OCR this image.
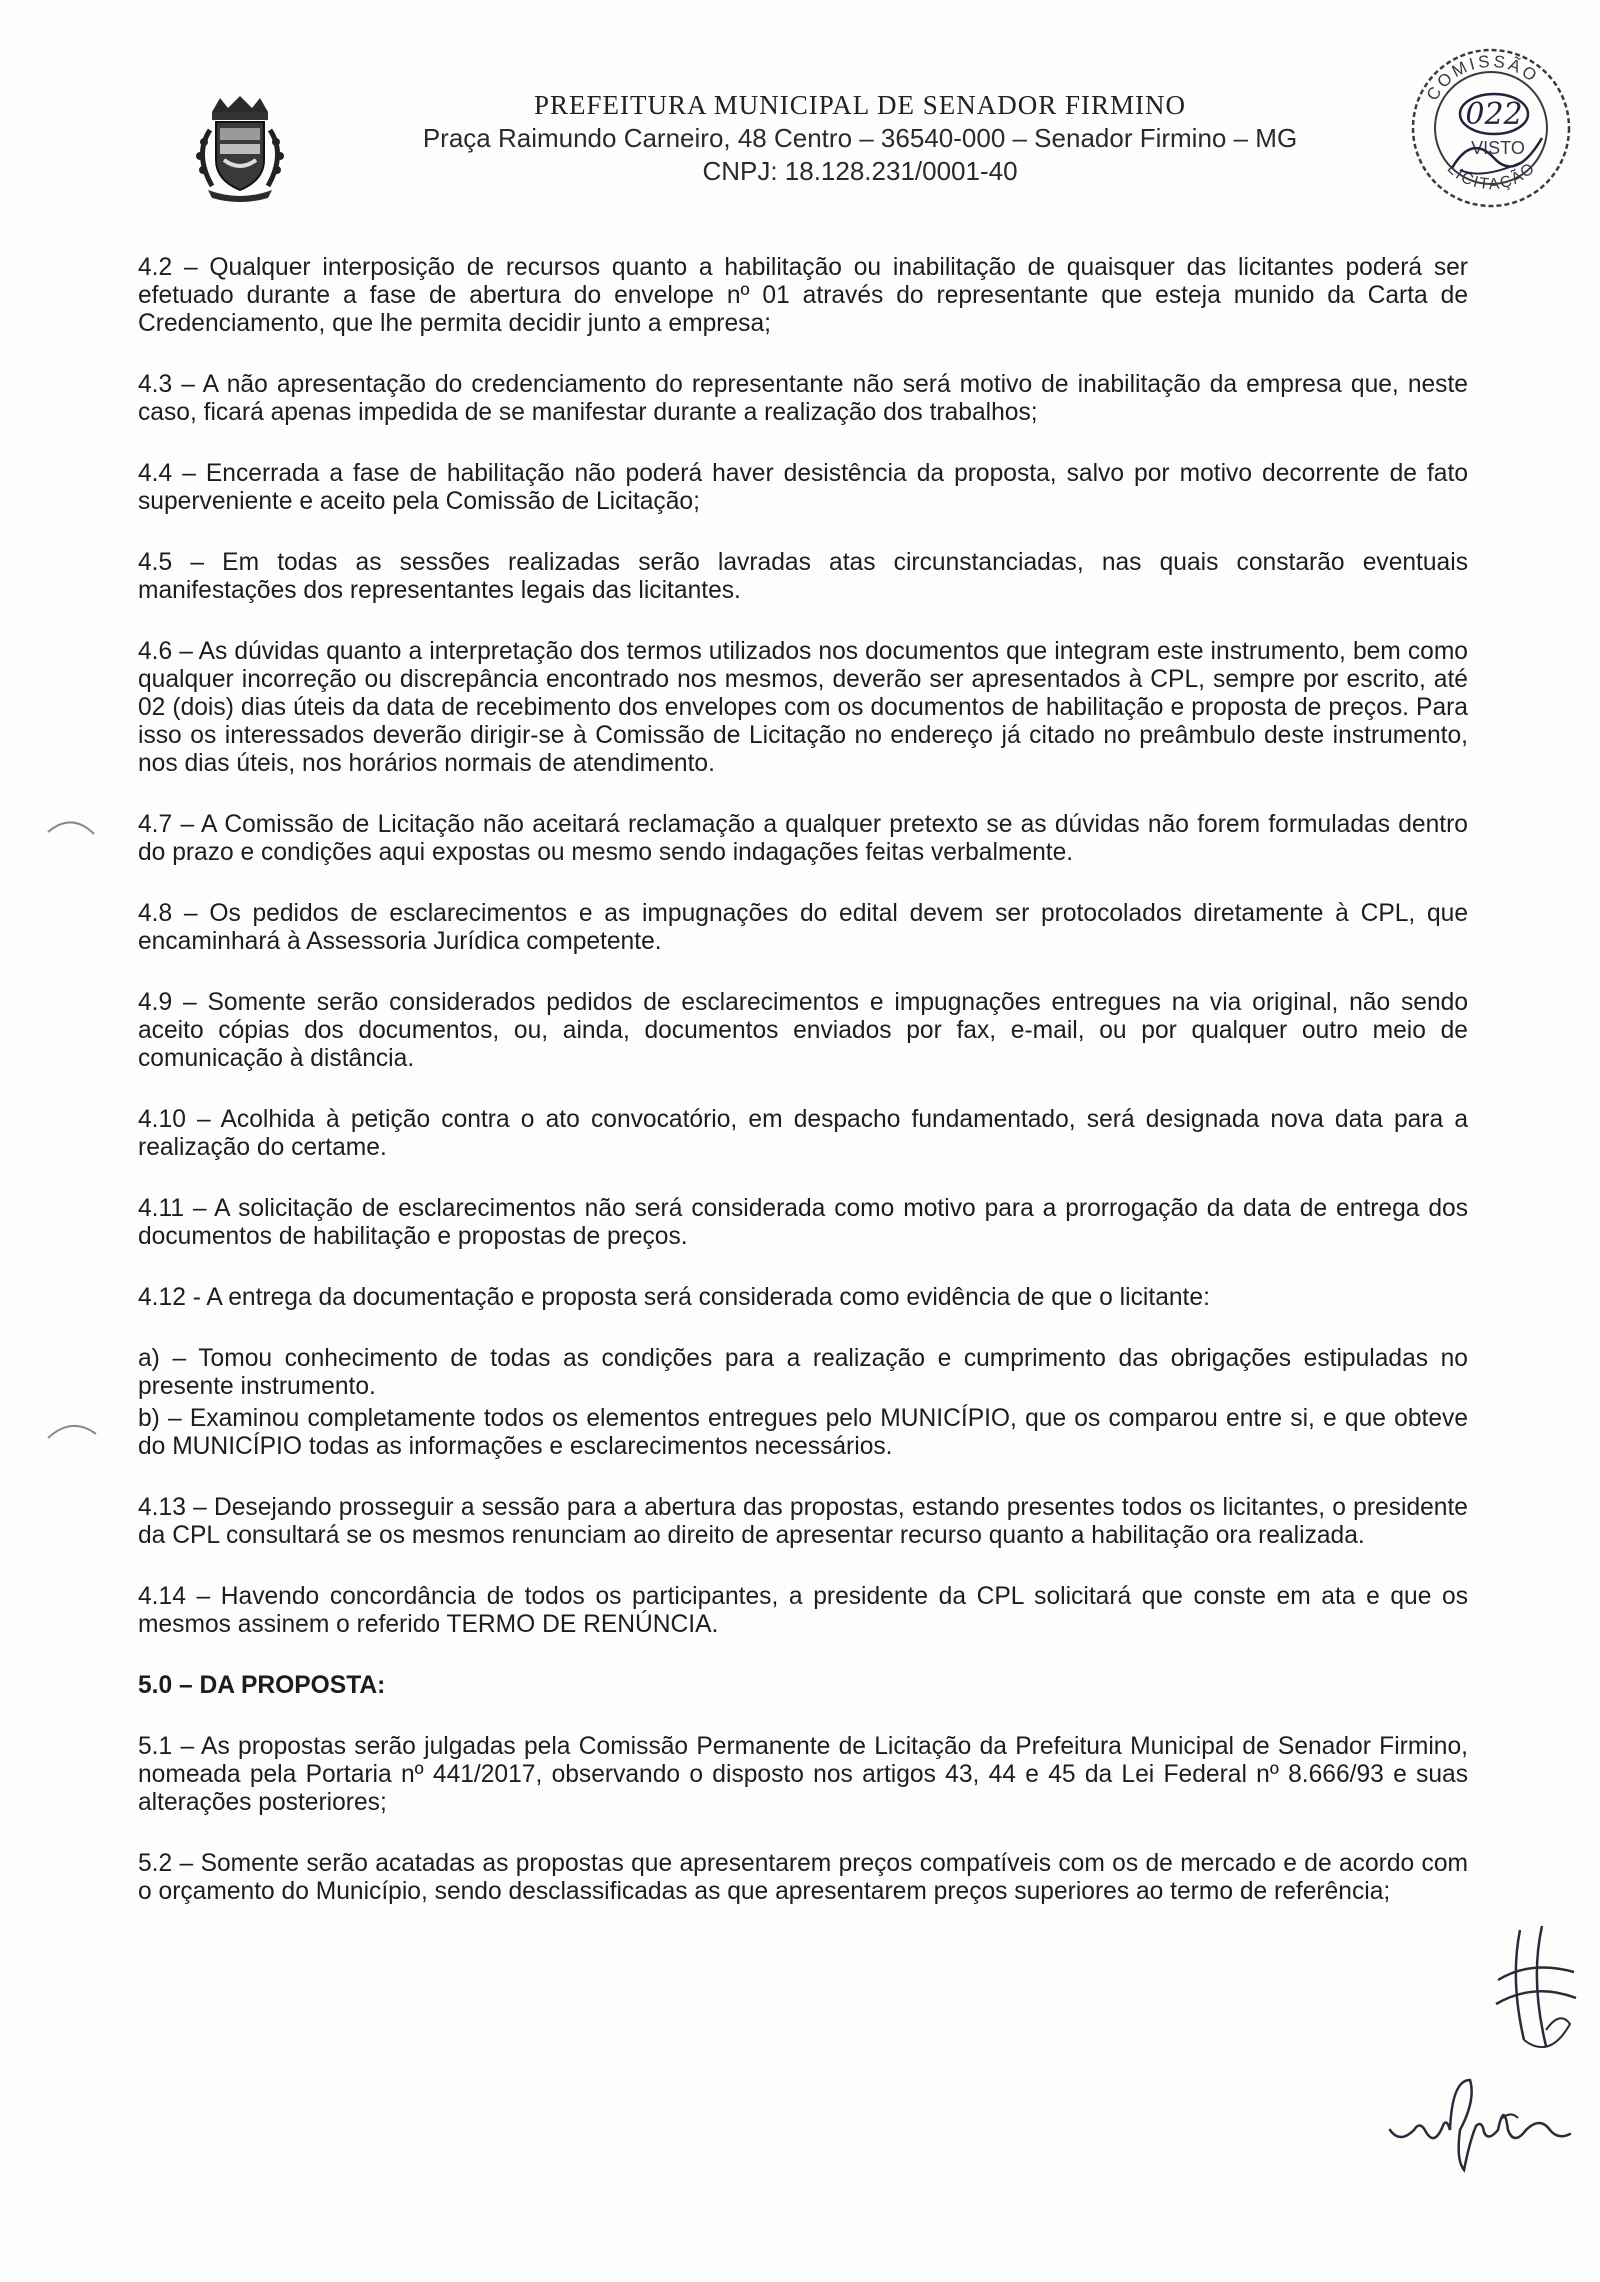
PREFEITURA MUNICIPAL DE SENADOR FIRMINO

Praça Raimundo Carneiro, 48 Centro – 36540-000 – Senador Firmino – MG

CNPJ: 18.128.231/0001-40

COMISSÃO
LICITAÇÃO
022
VISTO

4.2 – Qualquer interposição de recursos quanto a habilitação ou inabilitação de quaisquer das licitantes poderá ser efetuado durante a fase de abertura do envelope nº 01 através do representante que esteja munido da Carta de Credenciamento, que lhe permita decidir junto a empresa;

4.3 – A não apresentação do credenciamento do representante não será motivo de inabilitação da empresa que, neste caso, ficará apenas impedida de se manifestar durante a realização dos trabalhos;

4.4 – Encerrada a fase de habilitação não poderá haver desistência da proposta, salvo por motivo decorrente de fato superveniente e aceito pela Comissão de Licitação;

4.5 – Em todas as sessões realizadas serão lavradas atas circunstanciadas, nas quais constarão eventuais manifestações dos representantes legais das licitantes.

4.6 – As dúvidas quanto a interpretação dos termos utilizados nos documentos que integram este instrumento, bem como qualquer incorreção ou discrepância encontrado nos mesmos, deverão ser apresentados à CPL, sempre por escrito, até 02 (dois) dias úteis da data de recebimento dos envelopes com os documentos de habilitação e proposta de preços. Para isso os interessados deverão dirigir-se à Comissão de Licitação no endereço já citado no preâmbulo deste instrumento, nos dias úteis, nos horários normais de atendimento.

4.7 – A Comissão de Licitação não aceitará reclamação a qualquer pretexto se as dúvidas não forem formuladas dentro do prazo e condições aqui expostas ou mesmo sendo indagações feitas verbalmente.

4.8 – Os pedidos de esclarecimentos e as impugnações do edital devem ser protocolados diretamente à CPL, que encaminhará à Assessoria Jurídica competente.

4.9 – Somente serão considerados pedidos de esclarecimentos e impugnações entregues na via original, não sendo aceito cópias dos documentos, ou, ainda, documentos enviados por fax, e-mail, ou por qualquer outro meio de comunicação à distância.

4.10 – Acolhida à petição contra o ato convocatório, em despacho fundamentado, será designada nova data para a realização do certame.

4.11 – A solicitação de esclarecimentos não será considerada como motivo para a prorrogação da data de entrega dos documentos de habilitação e propostas de preços.

4.12 - A entrega da documentação e proposta será considerada como evidência de que o licitante:

a) – Tomou conhecimento de todas as condições para a realização e cumprimento das obrigações estipuladas no presente instrumento.

b) – Examinou completamente todos os elementos entregues pelo MUNICÍPIO, que os comparou entre si, e que obteve do MUNICÍPIO todas as informações e esclarecimentos necessários.

4.13 – Desejando prosseguir a sessão para a abertura das propostas, estando presentes todos os licitantes, o presidente da CPL consultará se os mesmos renunciam ao direito de apresentar recurso quanto a habilitação ora realizada.

4.14 – Havendo concordância de todos os participantes, a presidente da CPL solicitará que conste em ata e que os mesmos assinem o referido TERMO DE RENÚNCIA.

5.0 – DA PROPOSTA:

5.1 – As propostas serão julgadas pela Comissão Permanente de Licitação da Prefeitura Municipal de Senador Firmino, nomeada pela Portaria nº 441/2017, observando o disposto nos artigos 43, 44 e 45 da Lei Federal nº 8.666/93 e suas alterações posteriores;

5.2 – Somente serão acatadas as propostas que apresentarem preços compatíveis com os de mercado e de acordo com o orçamento do Município, sendo desclassificadas as que apresentarem preços superiores ao termo de referência;
